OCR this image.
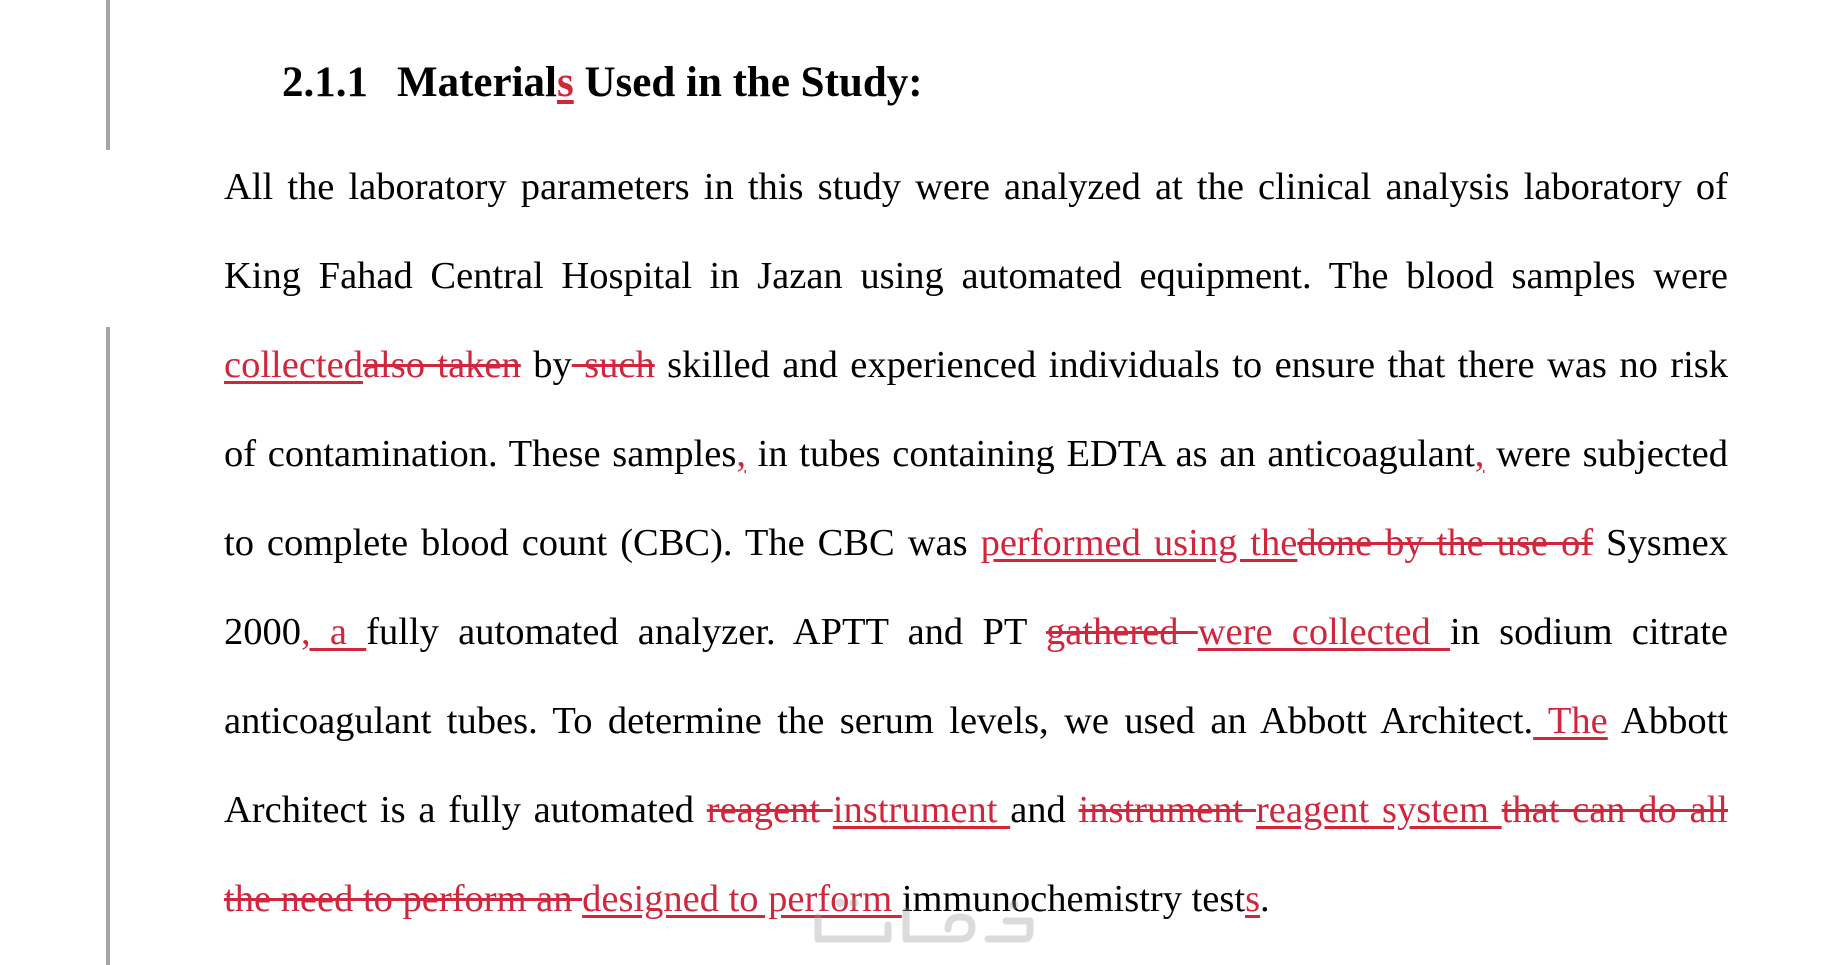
2.1.1 Materials Used in the Study:

All the laboratory parameters in this study were analyzed at the clinical analysis laboratory of King Fahad Central Hospital in Jazan using automated equipment. The blood samples were collectedalso taken by such skilled and experienced individuals to ensure that there was no risk of contamination. These samples, in tubes containing EDTA as an anticoagulant, were subjected to complete blood count (CBC). The CBC was performed using thedone by the use of Sysmex 2000, a fully automated analyzer. APTT and PT gathered were collected in sodium citrate anticoagulant tubes. To determine the serum levels, we used an Abbott Architect. The Abbott Architect is a fully automated reagent instrument and instrument reagent system that can do all the need to perform an designed to perform immunochemistry tests.
